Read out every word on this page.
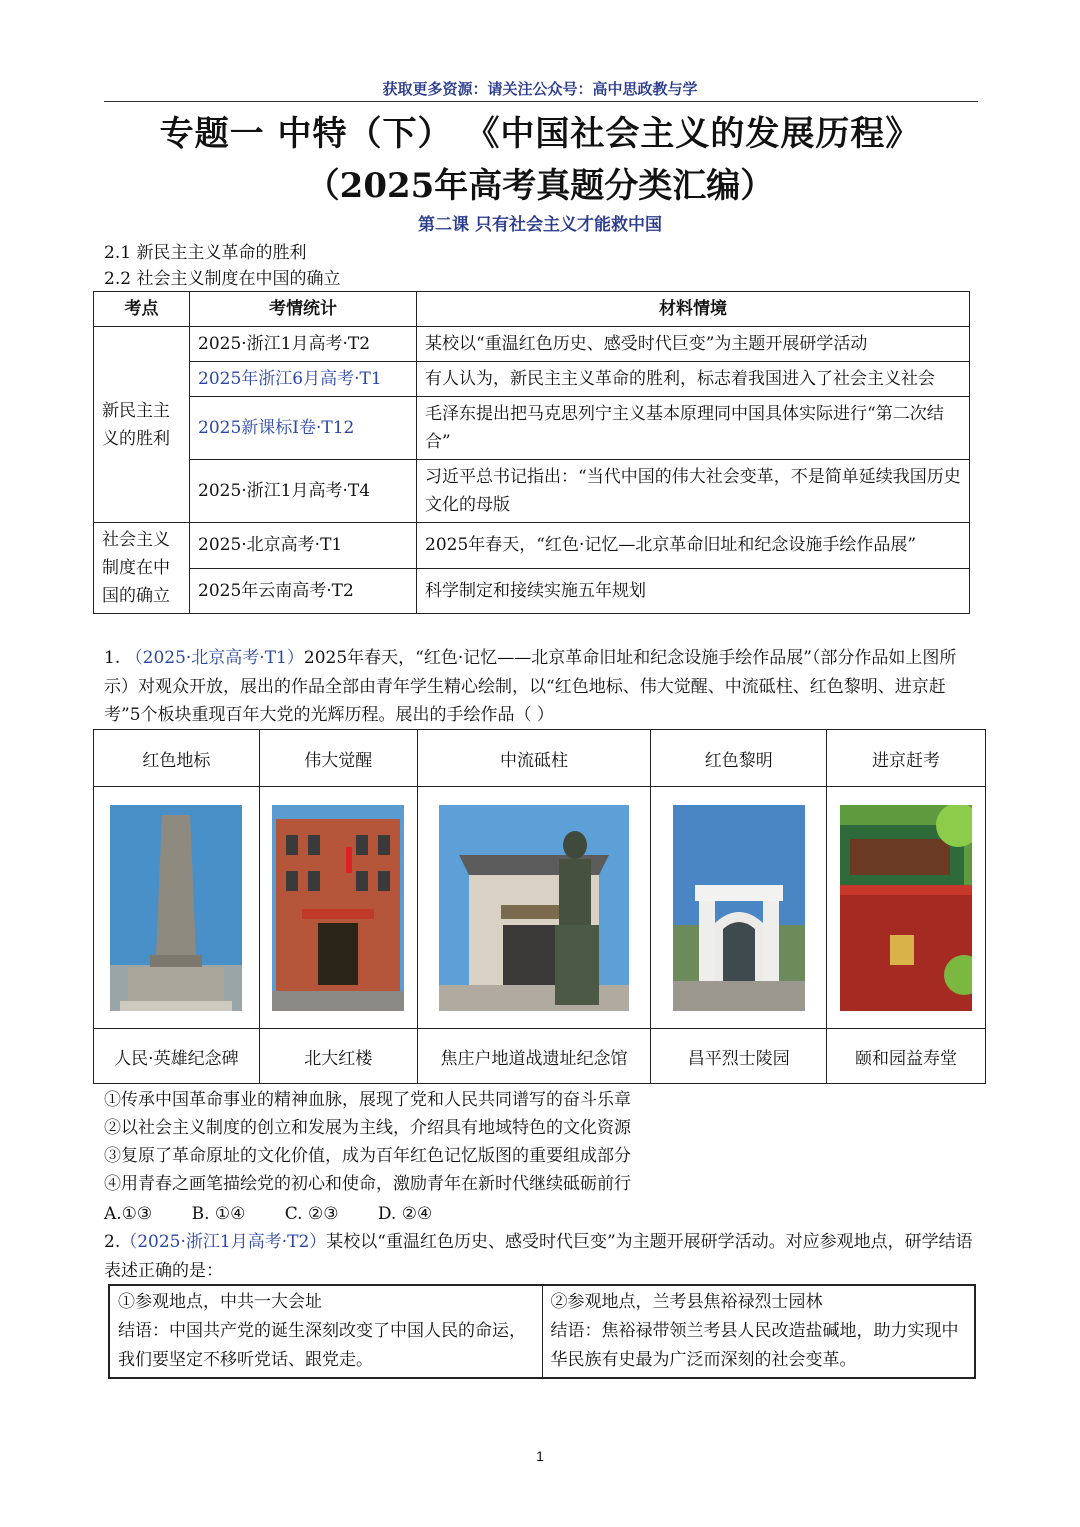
获取更多资源：请关注公众号：高中思政教与学
专题一 中特（下） 《中国社会主义的发展历程》
（2025年高考真题分类汇编）
第二课 只有社会主义才能救中国
2.1 新民主主义革命的胜利
2.2 社会主义制度在中国的确立
考点	考情统计	材料情境
新民主主义的胜利	2025·浙江1月高考·T2	某校以“重温红色历史、感受时代巨变”为主题开展研学活动
	2025年浙江6月高考·T1	有人认为，新民主主义革命的胜利，标志着我国进入了社会主义社会
	2025新课标I卷·T12	毛泽东提出把马克思列宁主义基本原理同中国具体实际进行“第二次结合”
	2025·浙江1月高考·T4	习近平总书记指出：“当代中国的伟大社会变革，不是简单延续我国历史文化的母版
社会主义制度在中国的确立	2025·北京高考·T1	2025年春天，“红色·记忆—北京革命旧址和纪念设施手绘作品展”
	2025年云南高考·T2	科学制定和接续实施五年规划
1. （2025·北京高考·T1）2025年春天，“红色·记忆——北京革命旧址和纪念设施手绘作品展”（部分作品如上图所示）对观众开放，展出的作品全部由青年学生精心绘制，以“红色地标、伟大觉醒、中流砥柱、红色黎明、进京赶考”5个板块重现百年大党的光辉历程。展出的手绘作品（ ）
红色地标	伟大觉醒	中流砥柱	红色黎明	进京赶考

人民·英雄纪念碑	北大红楼	焦庄户地道战遗址纪念馆	昌平烈士陵园	颐和园益寿堂
①传承中国革命事业的精神血脉，展现了党和人民共同谱写的奋斗乐章
②以社会主义制度的创立和发展为主线，介绍具有地域特色的文化资源
③复原了革命原址的文化价值，成为百年红色记忆版图的重要组成部分
④用青春之画笔描绘党的初心和使命，激励青年在新时代继续砥砺前行
A.①③ B. ①④ C. ②③ D. ②④
2.（2025·浙江1月高考·T2）某校以“重温红色历史、感受时代巨变”为主题开展研学活动。对应参观地点，研学结语表述正确的是：
①参观地点，中共一大会址
结语：中国共产党的诞生深刻改变了中国人民的命运，我们要坚定不移听党话、跟党走。

②参观地点，兰考县焦裕禄烈士园林
结语：焦裕禄带领兰考县人民改造盐碱地，助力实现中华民族有史最为广泛而深刻的社会变革。
1
